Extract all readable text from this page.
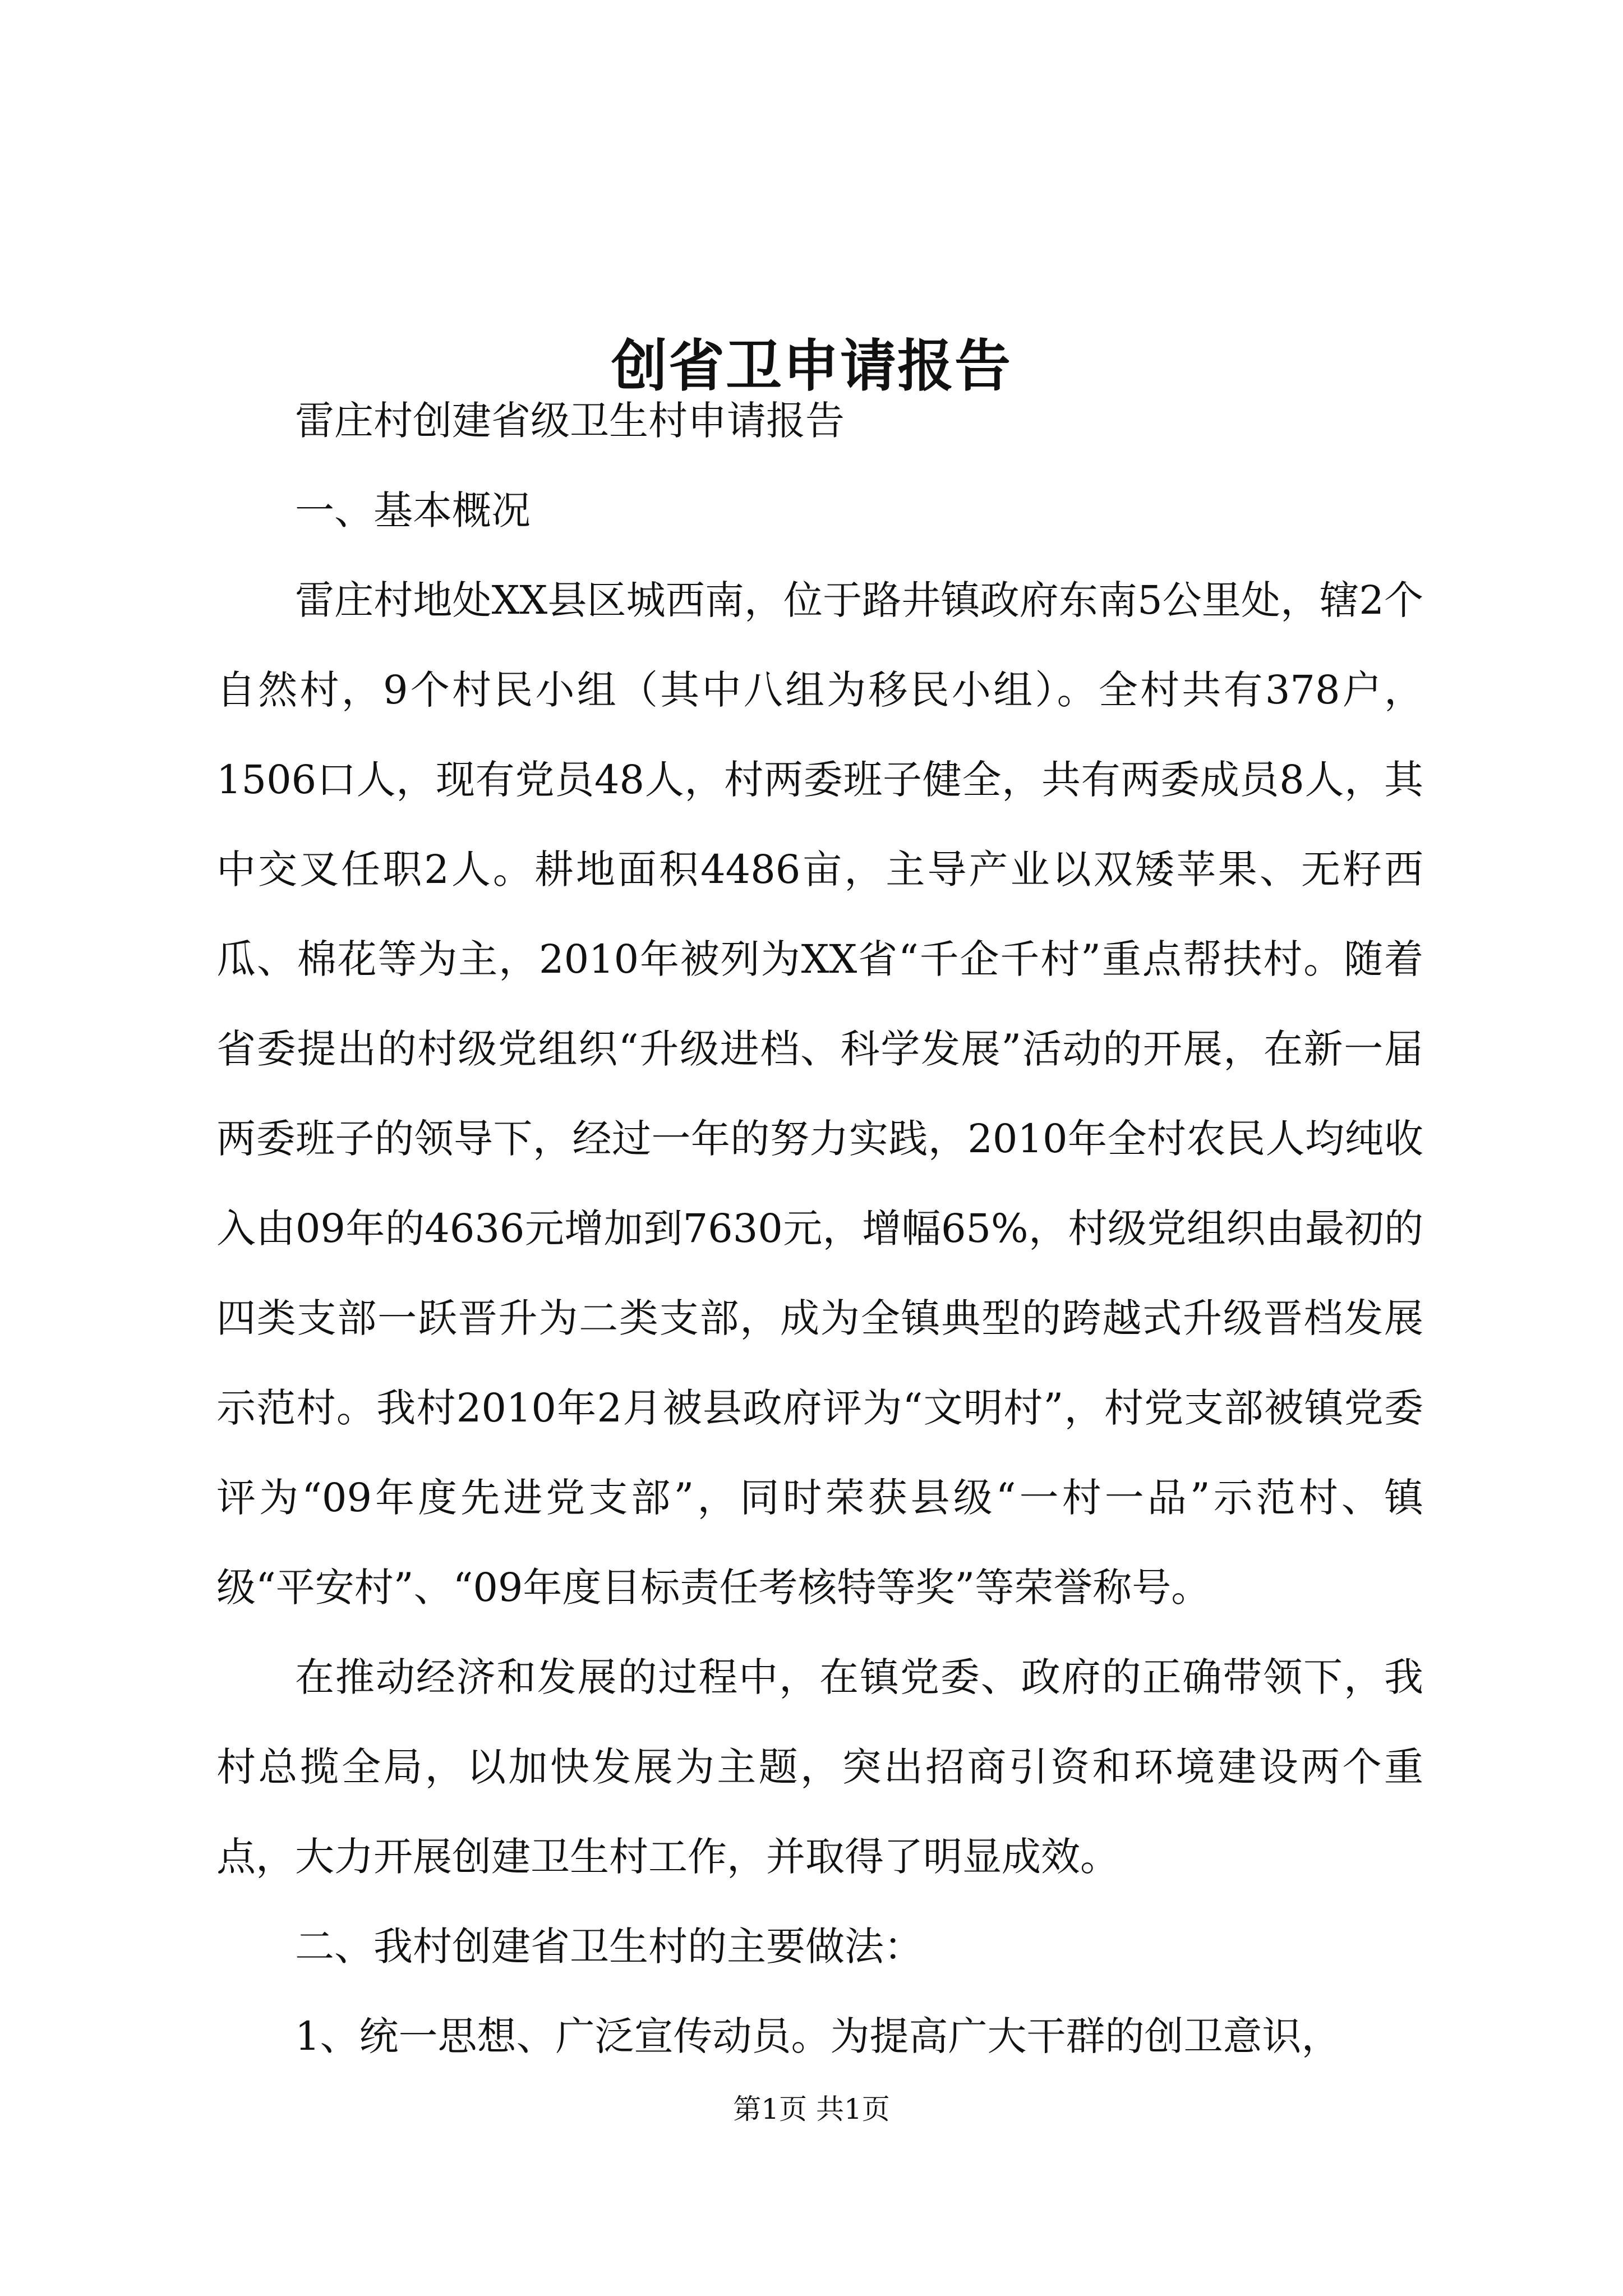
创省卫申请报告

雷庄村创建省级卫生村申请报告

一、基本概况

雷庄村地处XX县区城西南，位于路井镇政府东南5公里处，辖2个自然村，9个村民小组（其中八组为移民小组）。全村共有378户，1506口人，现有党员48人，村两委班子健全，共有两委成员8人，其中交叉任职2人。耕地面积4486亩，主导产业以双矮苹果、无籽西瓜、棉花等为主，2010年被列为XX省“千企千村”重点帮扶村。随着省委提出的村级党组织“升级进档、科学发展”活动的开展，在新一届两委班子的领导下，经过一年的努力实践，2010年全村农民人均纯收入由09年的4636元增加到7630元，增幅65%，村级党组织由最初的四类支部一跃晋升为二类支部，成为全镇典型的跨越式升级晋档发展示范村。我村2010年2月被县政府评为“文明村”，村党支部被镇党委评为“09年度先进党支部”，同时荣获县级“一村一品”示范村、镇级“平安村”、“09年度目标责任考核特等奖”等荣誉称号。

在推动经济和发展的过程中，在镇党委、政府的正确带领下，我村总揽全局，以加快发展为主题，突出招商引资和环境建设两个重点，大力开展创建卫生村工作，并取得了明显成效。

二、我村创建省卫生村的主要做法：

1、统一思想、广泛宣传动员。为提高广大干群的创卫意识，

第1页 共1页
